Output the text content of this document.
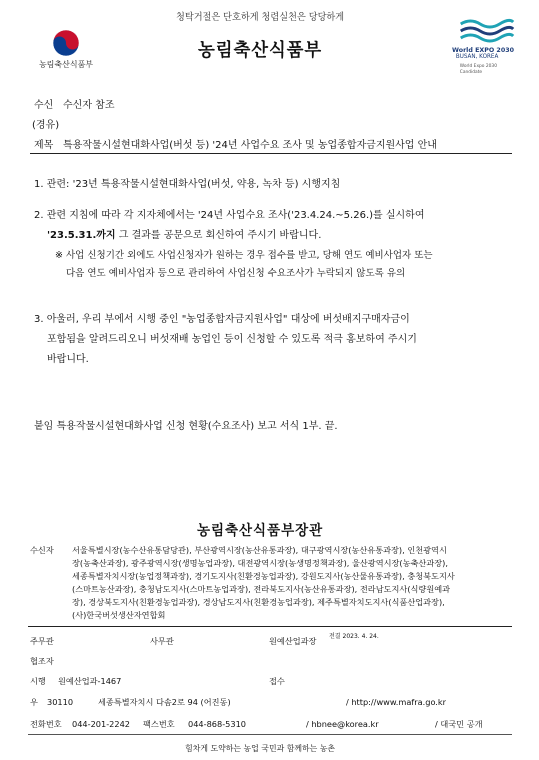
청탁거절은 단호하게 청렴실천은 당당하게
농림축산식품부
농림축산식품부	World EXPO 2030
BUSAN, KOREA
World Expo 2030
Candidate
수신 수신자 참조
(경유)
제목 특용작물시설현대화사업(버섯 등) '24년 사업수요 조사 및 농업종합자금지원사업 안내
1. 관련: '23년 특용작물시설현대화사업(버섯, 약용, 녹차 등) 시행지침
2. 관련 지침에 따라 각 지자체에서는 '24년 사업수요 조사('23.4.24.~5.26.)를 실시하여
'23.5.31.까지 그 결과를 공문으로 회신하여 주시기 바랍니다.
※ 사업 신청기간 외에도 사업신청자가 원하는 경우 접수를 받고, 당해 연도 예비사업자 또는
다음 연도 예비사업자 등으로 관리하여 사업신청 수요조사가 누락되지 않도록 유의
3. 아울러, 우리 부에서 시행 중인 "농업종합자금지원사업" 대상에 버섯배지구매자금이
포함됨을 알려드리오니 버섯재배 농업인 등이 신청할 수 있도록 적극 홍보하여 주시기
바랍니다.
붙임 특용작물시설현대화사업 신청 현황(수요조사) 보고 서식 1부. 끝.
농림축산식품부장관
수신자 서울특별시장(농수산유통담당관), 부산광역시장(농산유통과장), 대구광역시장(농산유통과장), 인천광역시
장(농축산과장), 광주광역시장(생명농업과장), 대전광역시장(농생명정책과장), 울산광역시장(농축산과장),
세종특별자치시장(농업정책과장), 경기도지사(친환경농업과장), 강원도지사(농산물유통과장), 충청북도지사
(스마트농산과장), 충청남도지사(스마트농업과장), 전라북도지사(농산유통과장), 전라남도지사(식량원예과
장), 경상북도지사(친환경농업과장), 경상남도지사(친환경농업과장), 제주특별자치도지사(식품산업과장),
(사)한국버섯생산자연합회
주무관	사무관	원예산업과장 전결 2023. 4. 24.
협조자
시행 원예산업과-1467	접수
우 30110	세종특별자치시 다솜2로 94 (어진동)	/ http://www.mafra.go.kr
전화번호 044-201-2242 팩스번호 044-868-5310	/ hbnee@korea.kr	/ 대국민 공개
힘차게 도약하는 농업 국민과 함께하는 농촌
